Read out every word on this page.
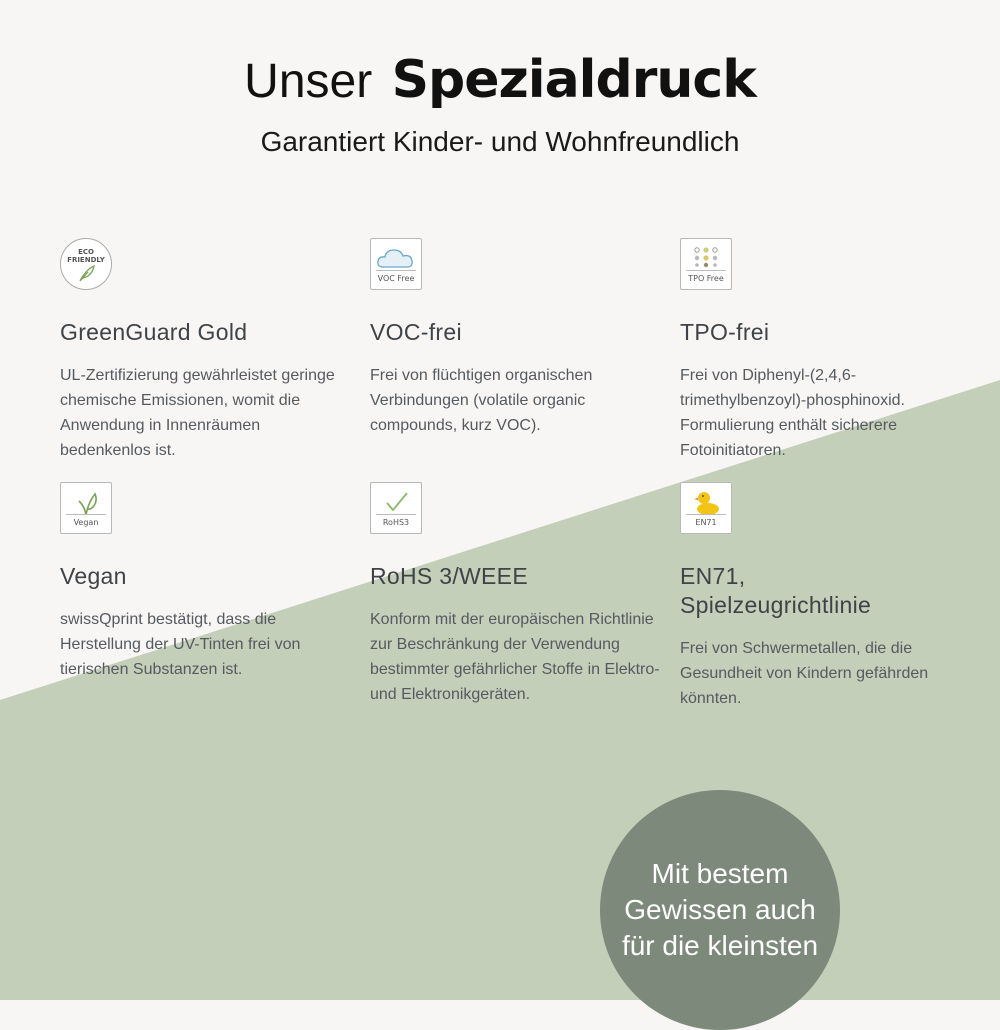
Unser Spezialdruck
Garantiert Kinder- und Wohnfreundlich
ECO FRIENDLY
GreenGuard Gold

UL-Zertifizierung gewährleistet geringe chemische Emissionen, womit die Anwendung in Innenräumen bedenkenlos ist.

VOC Free
VOC-frei

Frei von flüchtigen organischen Verbindungen (volatile organic compounds, kurz VOC).

TPO Free
TPO-frei

Frei von Diphenyl-(2,4,6-trimethylbenzoyl)-phosphinoxid. Formulierung enthält sicherere Fotoinitiatoren.

Vegan
Vegan

swissQprint bestätigt, dass die Herstellung der UV-Tinten frei von tierischen Substanzen ist.

RoHS3
RoHS 3/WEEE

Konform mit der europäischen Richtlinie zur Beschränkung der Verwendung bestimmter gefährlicher Stoffe in Elektro- und Elektronikgeräten.

EN71
EN71, Spielzeugrichtlinie

Frei von Schwermetallen, die die Gesundheit von Kindern gefährden könnten.

Mit bestem Gewissen auch für die kleinsten
